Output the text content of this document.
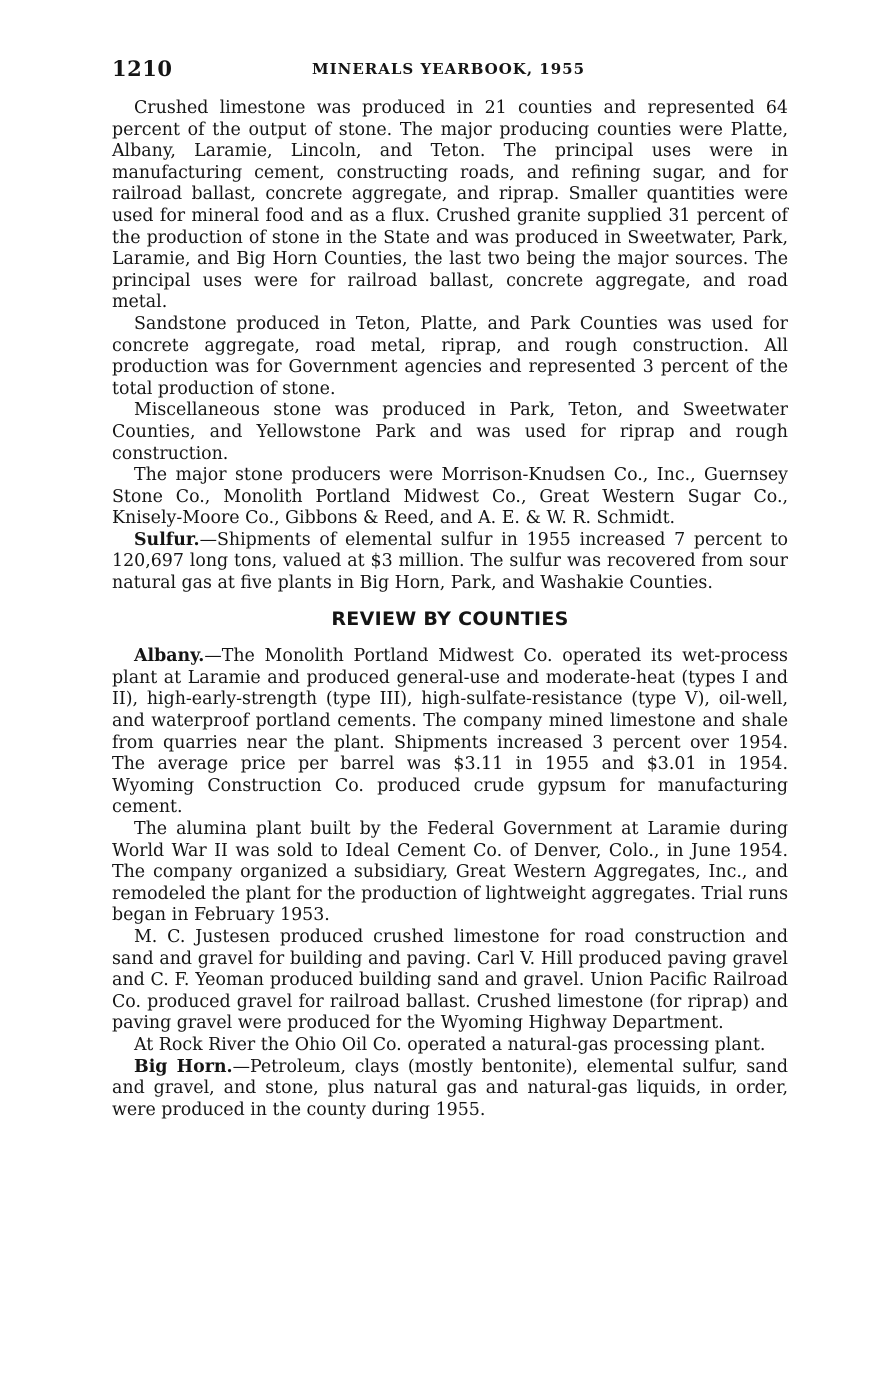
1210	MINERALS YEARBOOK, 1955

Crushed limestone was produced in 21 counties and represented 64 percent of the output of stone. The major producing counties were Platte, Albany, Laramie, Lincoln, and Teton. The principal uses were in manufacturing cement, constructing roads, and refining sugar, and for railroad ballast, concrete aggregate, and riprap. Smaller quantities were used for mineral food and as a flux. Crushed granite supplied 31 percent of the production of stone in the State and was produced in Sweetwater, Park, Laramie, and Big Horn Counties, the last two being the major sources. The principal uses were for railroad ballast, concrete aggregate, and road metal.

Sandstone produced in Teton, Platte, and Park Counties was used for concrete aggregate, road metal, riprap, and rough construction. All production was for Government agencies and represented 3 percent of the total production of stone.

Miscellaneous stone was produced in Park, Teton, and Sweetwater Counties, and Yellowstone Park and was used for riprap and rough construction.

The major stone producers were Morrison-Knudsen Co., Inc., Guernsey Stone Co., Monolith Portland Midwest Co., Great Western Sugar Co., Knisely-Moore Co., Gibbons & Reed, and A. E. & W. R. Schmidt.

Sulfur.—Shipments of elemental sulfur in 1955 increased 7 percent to 120,697 long tons, valued at $3 million. The sulfur was recovered from sour natural gas at five plants in Big Horn, Park, and Washakie Counties.

REVIEW BY COUNTIES

Albany.—The Monolith Portland Midwest Co. operated its wet-process plant at Laramie and produced general-use and moderate-heat (types I and II), high-early-strength (type III), high-sulfate-resistance (type V), oil-well, and waterproof portland cements. The company mined limestone and shale from quarries near the plant. Shipments increased 3 percent over 1954. The average price per barrel was $3.11 in 1955 and $3.01 in 1954. Wyoming Construction Co. produced crude gypsum for manufacturing cement.

The alumina plant built by the Federal Government at Laramie during World War II was sold to Ideal Cement Co. of Denver, Colo., in June 1954. The company organized a subsidiary, Great Western Aggregates, Inc., and remodeled the plant for the production of lightweight aggregates. Trial runs began in February 1953.

M. C. Justesen produced crushed limestone for road construction and sand and gravel for building and paving. Carl V. Hill produced paving gravel and C. F. Yeoman produced building sand and gravel. Union Pacific Railroad Co. produced gravel for railroad ballast. Crushed limestone (for riprap) and paving gravel were produced for the Wyoming Highway Department.

At Rock River the Ohio Oil Co. operated a natural-gas processing plant.

Big Horn.—Petroleum, clays (mostly bentonite), elemental sulfur, sand and gravel, and stone, plus natural gas and natural-gas liquids, in order, were produced in the county during 1955.
